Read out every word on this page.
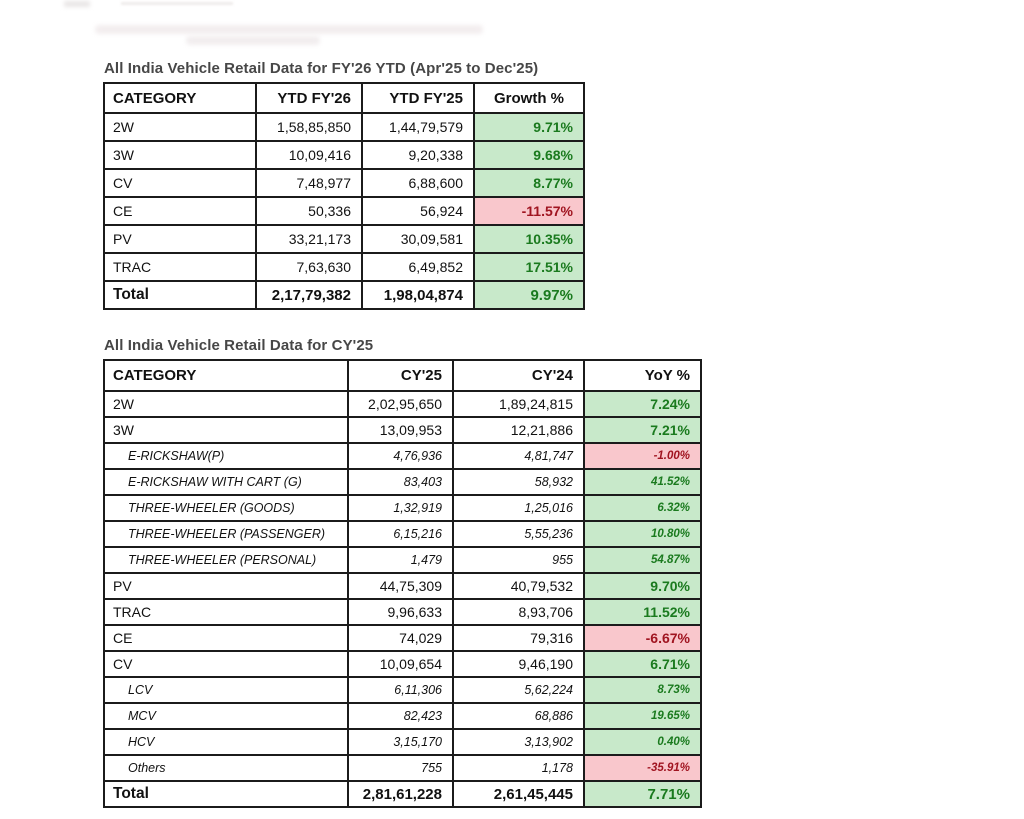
All India Vehicle Retail Data for FY'26 YTD (Apr'25 to Dec'25)
CATEGORY	YTD FY'26	YTD FY'25	Growth %
2W	1,58,85,850	1,44,79,579	9.71%
3W	10,09,416	9,20,338	9.68%
CV	7,48,977	6,88,600	8.77%
CE	50,336	56,924	-11.57%
PV	33,21,173	30,09,581	10.35%
TRAC	7,63,630	6,49,852	17.51%
Total	2,17,79,382	1,98,04,874	9.97%
All India Vehicle Retail Data for CY'25
CATEGORY	CY'25	CY'24	YoY %
2W	2,02,95,650	1,89,24,815	7.24%
3W	13,09,953	12,21,886	7.21%
E-RICKSHAW(P)	4,76,936	4,81,747	-1.00%
E-RICKSHAW WITH CART (G)	83,403	58,932	41.52%
THREE-WHEELER (GOODS)	1,32,919	1,25,016	6.32%
THREE-WHEELER (PASSENGER)	6,15,216	5,55,236	10.80%
THREE-WHEELER (PERSONAL)	1,479	955	54.87%
PV	44,75,309	40,79,532	9.70%
TRAC	9,96,633	8,93,706	11.52%
CE	74,029	79,316	-6.67%
CV	10,09,654	9,46,190	6.71%
LCV	6,11,306	5,62,224	8.73%
MCV	82,423	68,886	19.65%
HCV	3,15,170	3,13,902	0.40%
Others	755	1,178	-35.91%
Total	2,81,61,228	2,61,45,445	7.71%
